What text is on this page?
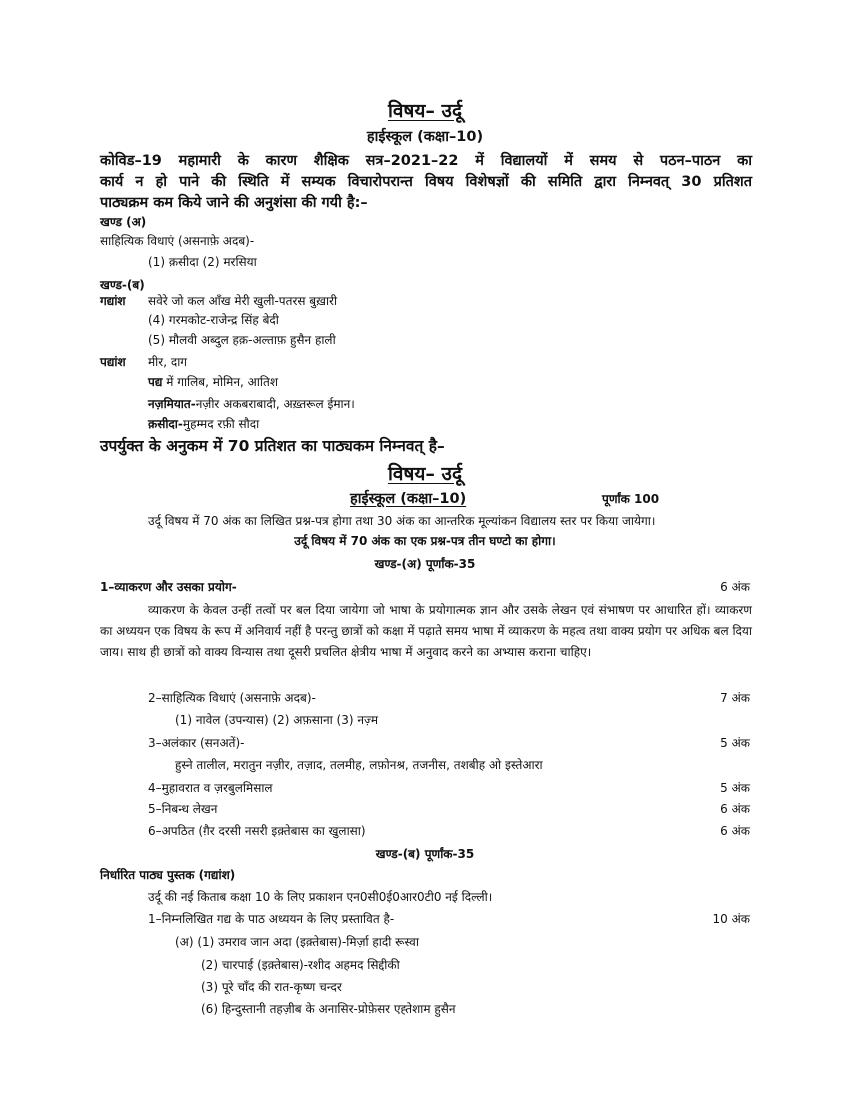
विषय– उर्दू
हाईस्कूल (कक्षा–10)
कोविड–19 महामारी के कारण शैक्षिक सत्र–2021–22 में विद्यालयों में समय से पठन–पाठन का
कार्य न हो पाने की स्थिति में सम्यक विचारोपरान्त विषय विशेषज्ञों की समिति द्वारा निम्नवत् 30 प्रतिशत
पाठ्यक्रम कम किये जाने की अनुशंसा की गयी है:–
खण्ड (अ)
साहित्यिक विधाएं (असनाफ़े अदब)-
(1) क़सीदा (2) मरसिया
खण्ड-(ब)
गद्यांश सवेरे जो कल आँख मेरी खुली-पतरस बुख़ारी
(4) गरमकोट-राजेन्द्र सिंह बेदी
(5) मौलवी अब्दुल हक़-अल्ताफ़ हुसैन हाली
पद्यांश मीर, दाग
पद्य में गालिब, मोमिन, आतिश
नज़मियात-नज़ीर अकबराबादी, अख़्तरूल ईमान।
क़सीदा-मुहम्मद रफ़ी सौदा
उपर्युक्त के अनुकम में 70 प्रतिशत का पाठ्यकम निम्नवत् है–
विषय– उर्दू
हाईस्कूल (कक्षा–10)	पूर्णांक 100
उर्दू विषय में 70 अंक का लिखित प्रश्न-पत्र होगा तथा 30 अंक का आन्तरिक मूल्यांकन विद्यालय स्तर पर किया जायेगा।
उर्दू विषय में 70 अंक का एक प्रश्न-पत्र तीन घण्टो का होगा।
खण्ड-(अ) पूर्णांक-35
1–व्याकरण और उसका प्रयोग-	6 अंक
व्याकरण के केवल उन्हीं तत्वों पर बल दिया जायेगा जो भाषा के प्रयोगात्मक ज्ञान और उसके लेखन एवं संभाषण पर आधारित हों। व्याकरण का अध्ययन एक विषय के रूप में अनिवार्य नहीं है परन्तु छात्रों को कक्षा में पढ़ाते समय भाषा में व्याकरण के महत्व तथा वाक्य प्रयोग पर अधिक बल दिया जाय। साथ ही छात्रों को वाक्य विन्यास तथा दूसरी प्रचलित क्षेत्रीय भाषा में अनुवाद करने का अभ्यास कराना चाहिए।
2–साहित्यिक विधाएं (असनाफ़े अदब)-	7 अंक
(1) नावेल (उपन्यास) (2) अफ़साना (3) नज़्म
3–अलंकार (सनअतें)-	5 अंक
हुस्ने तालील, मरातुन नज़ीर, तज़ाद, तलमीह, लफ़ोनश्र, तजनीस, तशबीह ओ इस्तेआरा
4–मुहावरात व ज़रबुलमिसाल	5 अंक
5–निबन्ध लेखन	6 अंक
6–अपठित (ग़ैर दरसी नसरी इक़्तेबास का खुलासा)	6 अंक
खण्ड-(ब) पूर्णांक-35
निर्धारित पाठ्य पुस्तक (गद्यांश)
उर्दू की नई किताब कक्षा 10 के लिए प्रकाशन एन0सी0ई0आर0टी0 नई दिल्ली।
1–निम्नलिखित गद्य के पाठ अध्ययन के लिए प्रस्तावित है-	10 अंक
(अ) (1) उमराव जान अदा (इक़्तेबास)-मिर्ज़ा हादी रूस्वा
(2) चारपाई (इक़्तेबास)-रशीद अहमद सिद्दीकी
(3) पूरे चाँद की रात-कृष्ण चन्दर
(6) हिन्दुस्तानी तहज़ीब के अनासिर-प्रोफ़ेसर एह्तेशाम हुसैन
